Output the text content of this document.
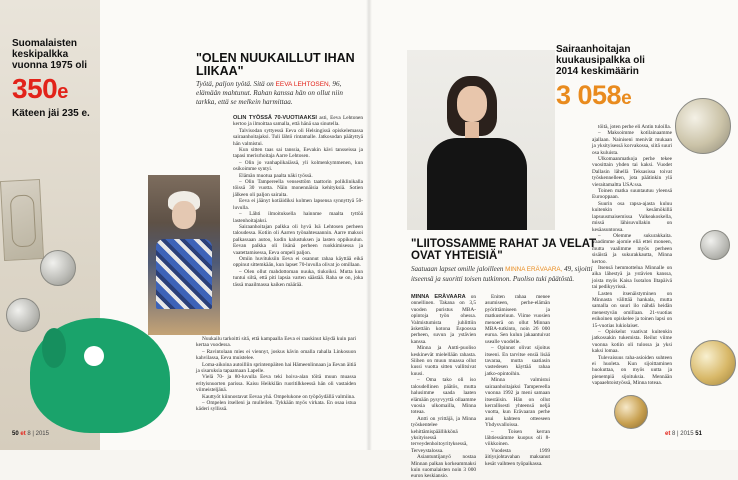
Suomalaisten keskipalkka vuonna 1975 oli
350e
Käteen jäi 235 e.
"OLEN NUUKAILLUT IHAN LIIKAA"

Työtä, paljon työtä. Sitä on EEVA LEHTOSEN, 96, elämään mahtunut. Rahan kanssa hän on ollut niin tarkka, että se melkein harmittaa.

OLIN TYÖSSÄ 70-VUOTIAAKSI asti, Eeva Lehtonen kertoo ja ilmoittaa samalla, että hänä saa sinutella.

Talvisodan syttyessä Eeva oli Helsingissä opiskelemassa sairaanhoitajaksi. Tuli lähtö rintamalle. Jatkosodan päätyttyä hän valmistui.

Kun sitten taas sai tanssia, Eevakin kävi tansseissa ja tapasi merisrhoitaja Aarre Lehtosen.

– Olin jo vanhapiikaiässä, yli kolmenkymmenen, kun osikoimme syntyi.

Elämän muotua paalta näki työssä.

– Olin Tampereella vensesttöm taattorin poliklinikalla töissä 30 vuotta. Näin monennäisia kehityksiä. Sotien jälkeen oli paljon sairaita.

Eeva ei jäänyt kotiäidiksi kolmen lapsensa synnyttyä 50-luvulla.

– Lähti ilmoituksella hainnme maalta tyttöä lastenhoitajaksi.

Sairaanhoitajan palkka oli hyvä Isä Lehtosen perheen taloudessa. Kotiin oli Aarren työnahtesaannin. Aarre maksoi palkassaan autoo, kodin kalustuksen ja lasten oppikoulun. Eevan palkka oli lisänä perheen ruokkimisessa ja vaatettamisessa, Eeva ompeli paljon.

Omiin huvituksiin Eeva ei osannut rahaa käyttää eikä oppinut sittemkään, kun lapset 70-luvulla olivat jo omillaan.

– Olen ollut mahdottoman nuuka, tiukoiksi. Mutta kun tuntui siltä, että piti lapsia varten säästää. Raha se on, joka tässä maailmassa kaiken määrää.

Nuukailu tarkoitti sitä, että kampaalla Eeva ei raaskinut käydä kuin pari kertaa vuodessa.

– Ravintolaan mies ei viennyt, joskus kävin omalla rahalla Linkosuon kahvilassa, Eeva muistelee.

Loma-aikoina autoilliin sprintenpäiten hai Hämeenlinnaan ja Eevan äitiä ja sisaruksia tapaamaan Lapelle.

Vielä 70- ja 80-luvulla Eeva teki hoiva-alan töitä muun muassa erityisnuorten parissa. Kaisu Heikkilän ruoritilkkeessä hän oli vastaiden viimeisteljänä.

Kauttyöt kiinnostavat Eevaa yhä. Ompelukone on työpöydällä valmiina.

– Ompelen itselleni ja mulleilen. Tykkään myös virkata. En osaa istua käderi syllissä.

50 et 8 | 2015
Sairaanhoitajan kuukausipalkka oli 2014 keskimäärin
3 058e
"LIITOSSAMME RAHAT JA VELAT OVAT YHTEISIÄ"

Saatuaan lapset omille jaloilleen MINNA ERÄVAARA, 49, sijoitti itseensä ja suoritti toisen tutkinnon. Puoliso tuki päätöstä.

MINNA ERÄVAARA on onnellinen. Takana on 3,5 vuoden puristus MBA-opintoja työn ohessa. Valmistumista juhlittiin äskettäin kotona Espoossa perheen, suvun ja ystävien kanssa.

Minna ja Antti-puoliso keskinevät mielellään rahasta. Siihen on muun muassa ollut kussi vuotta sitten vallitsivat kuusi.

– Oma tako oli iso taloudellinen päätös, mutta halusimme saada laaten elämään pysyvyyttä ollaamme vuosia ulkomailla, Minna toteaa.

Antti on yrittäjä, ja Minna työskentelee kehittämispäällikkönä yksityisessä terveydenhoitoyrityksessä, Terveystalossa.

Asiantuntijanyö nostaa Minnan palkan korkeammaksi kuin suomalaisten noin 3 000 euron keskiansio.

Eniten rahaa menee asumiseen, perhe-elämän pyörittämiseen ja matkusteluun. Viime vuosien menoerä on ollut Minnan MBA-tutkinto, noin 26 000 euroa. Sen kulun jakaantuivat usealle vuodelle.

– Opinnot olivat sijoitus itseeni. En tarvitse ensiä lisää tavaraa, mutta saatiasin vastedesen käyttää rahaa jatko-opintoihin.

Minna valmistui sairaanhoitajaksi Tampereella vuonna 1992 ja meni samaan itsestäisin. Hän on ollut kerrallisesti yhteensä neljä vuotta, kun Erävaaran perhe asui kahteen otteeseen Yhdysvalloissa.

– Toisen kerran lähtiessämme kuopus oli 8-viikkoinen.

Vuodesta 1999 äitiysjohtavahan maksanut kesät vaihteen työpaikassa.

töitä, joten perhe eli Antin tuloilla.

– Maksoimme kotilainaamme ajallaan. Nainiseni menivät mukaan ja yksityisessä korvakossa, siitä suuri osa kuluista.

Ulkomaanmatkoja perhe tekee vuosittain yhden tai kaksi. Vuodet Dallasin lähellä Teksasissa toivat työskennelleen, jota päätinkin ylä vieraitamaltta USA:ssa.

Toinen matka suuntautuu yleensä Eurooppaan.

Suurin osa rapsa-ajasta kuluu kuitenkin kesämökillä lapsuusmaisemissa Valkeakoskella, missä lähisuvullakin on kesäasuntonsa.

– Olemme sukurakkaita. Vaadimme ajomie eliä ettei moneen, mutta vaalimme myös perheen sisäistä ja sukurakkautta, Minna kertoo.

Itsensä hemmottelua Minnalle on aika lähestyä ja ystävien kanssa, joista myös Kaisa Isotalon Iltapäivä tai pedikyyrissä.

Lasten itsenäistyminen on Minnasta välittää hankala, mutta samalla on suuri ilo nähdä heidän menestyvän omillaan. 21-vuotias esikoinen opiskelee ja toinen lapsi on 15-vuotias lukiolaiset.

– Opiskelut vaativat kuitenkin jatkossakin tukemista. Reilut viime vuonna kotiin oli tulossa ja yksi kaksi lomaa.

Tulevaisuus raha-asioiden suhteen ei huoleta. Kun sijoittaminen huokuttaa, on myös uutta ja pienempiä sijoituksia. Mennään vapaaehtoistyössä, Minna toteaa.

et 8 | 2015 51
